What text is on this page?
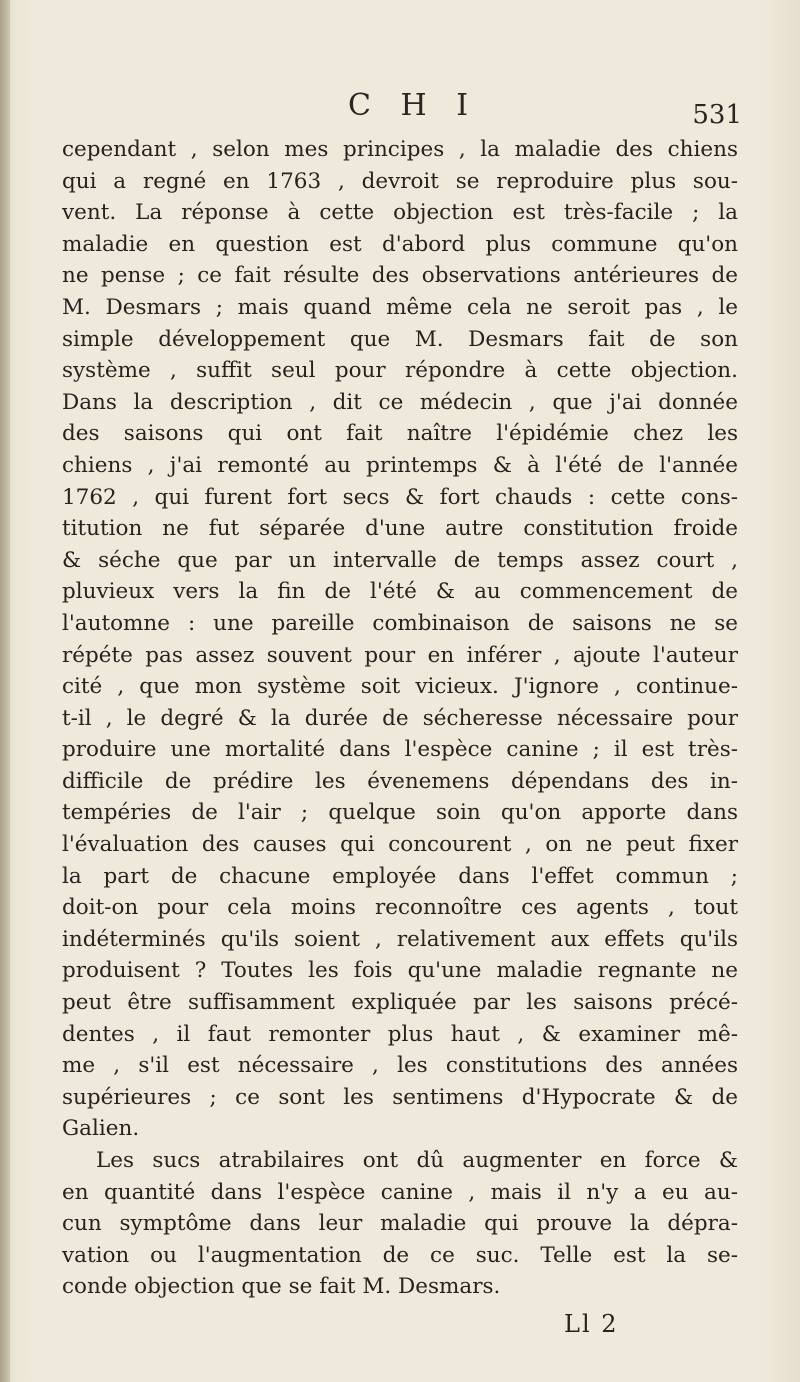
C H I	531
cependant , selon mes principes , la maladie des chiens
qui a regné en 1763 , devroit se reproduire plus sou-
vent. La réponse à cette objection est très-facile ; la
maladie en question est d'abord plus commune qu'on
ne pense ; ce fait résulte des observations antérieures de
M. Desmars ; mais quand même cela ne seroit pas , le
simple développement que M. Desmars fait de son
système , suffit seul pour répondre à cette objection.
Dans la description , dit ce médecin , que j'ai donnée
des saisons qui ont fait naître l'épidémie chez les
chiens , j'ai remonté au printemps & à l'été de l'année
1762 , qui furent fort secs & fort chauds : cette cons-
titution ne fut séparée d'une autre constitution froide
& séche que par un intervalle de temps assez court ,
pluvieux vers la fin de l'été & au commencement de
l'automne : une pareille combinaison de saisons ne se
répéte pas assez souvent pour en inférer , ajoute l'auteur
cité , que mon système soit vicieux. J'ignore , continue-
t-il , le degré & la durée de sécheresse nécessaire pour
produire une mortalité dans l'espèce canine ; il est très-
difficile de prédire les évenemens dépendans des in-
tempéries de l'air ; quelque soin qu'on apporte dans
l'évaluation des causes qui concourent , on ne peut fixer
la part de chacune employée dans l'effet commun ;
doit-on pour cela moins reconnoître ces agents , tout
indéterminés qu'ils soient , relativement aux effets qu'ils
produisent ? Toutes les fois qu'une maladie regnante ne
peut être suffisamment expliquée par les saisons précé-
dentes , il faut remonter plus haut , & examiner mê-
me , s'il est nécessaire , les constitutions des années
supérieures ; ce sont les sentimens d'Hypocrate & de
Galien.
Les sucs atrabilaires ont dû augmenter en force &
en quantité dans l'espèce canine , mais il n'y a eu au-
cun symptôme dans leur maladie qui prouve la dépra-
vation ou l'augmentation de ce suc. Telle est la se-
conde objection que se fait M. Desmars.
Ll 2
